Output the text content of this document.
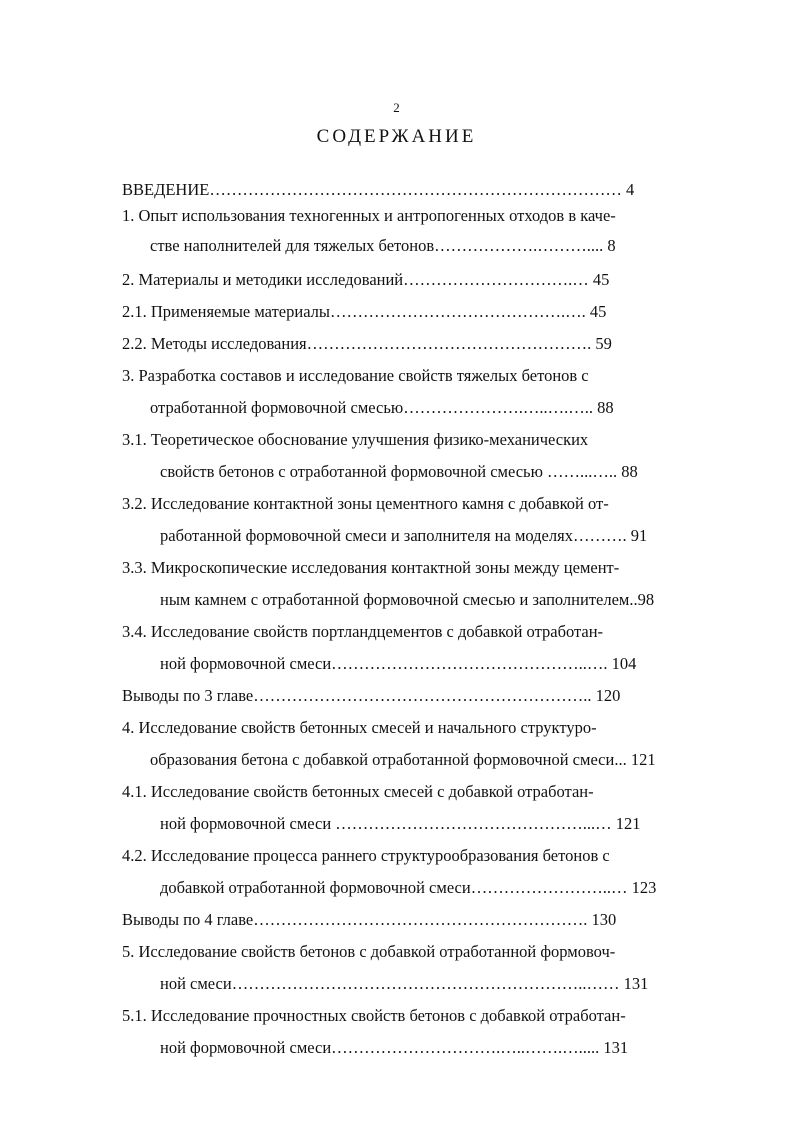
2
СОДЕРЖАНИЕ
ВВЕДЕНИЕ………………………………………………………………… 4
1. Опыт использования техногенных и антропогенных отходов в каче-
стве наполнителей для тяжелых бетонов……………….……….... 8
2. Материалы и методики исследований………………………….… 45
2.1. Применяемые материалы…………………………………….…. 45
2.2. Методы исследования……………………………………………. 59
3. Разработка составов и исследование свойств тяжелых бетонов с
отработанной формовочной смесью………………….…..….….. 88
3.1. Теоретическое обоснование улучшения физико-механических
свойств бетонов с отработанной формовочной смесью ……...….. 88
3.2. Исследование контактной зоны цементного камня с добавкой от-
работанной формовочной смеси и заполнителя на моделях………. 91
3.3. Микроскопические исследования контактной зоны между цемент-
ным камнем с отработанной формовочной смесью и заполнителем..98
3.4. Исследование свойств портландцементов с добавкой отработан-
ной формовочной смеси………………………………………..…. 104
Выводы по 3 главе…………………………………………………….. 120
4. Исследование свойств бетонных смесей и начального структуро-
образования бетона с добавкой отработанной формовочной смеси... 121
4.1. Исследование свойств бетонных смесей с добавкой отработан-
ной формовочной смеси ………………………………………...… 121
4.2. Исследование процесса раннего структурообразования бетонов с
добавкой отработанной формовочной смеси……………………..… 123
Выводы по 4 главе……………………………………………………. 130
5. Исследование свойств бетонов с добавкой отработанной формовоч-
ной смеси………………………………………………………..…… 131
5.1. Исследование прочностных свойств бетонов с добавкой отработан-
ной формовочной смеси………………………….…..…….…..... 131
